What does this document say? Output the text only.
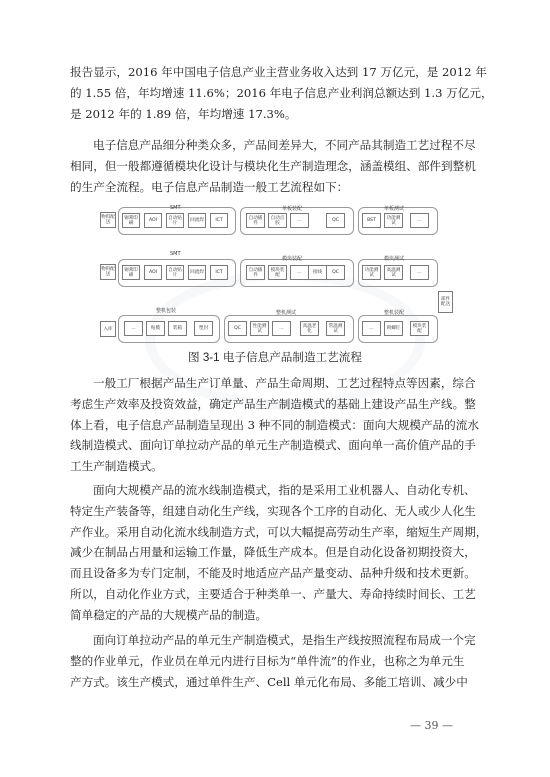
报告显示，2016 年中国电子信息产业主营业务收入达到 17 万亿元，是 2012 年
的 1.55 倍，年均增速 11.6%；2016 年电子信息产业利润总额达到 1.3 万亿元，
是 2012 年的 1.89 倍，年均增速 17.3%。
电子信息产品细分种类众多，产品间差异大，不同产品其制造工艺过程不尽
相同，但一般都遵循模块化设计与模块化生产制造理念，涵盖模组、部件到整机
的生产全流程。电子信息产品制造一般工艺流程如下：
物料配送
SMT
锡膏印刷	AOI	自动贴片	回流焊	ICT
单板装配
自动插件
自动点胶	...	QC
单板测试
BST	功能测试	...
物料配送
SMT
锡膏印刷	AOI	自动贴片	回流焊	ICT
模块装配
自动插件
模块装配	...	接线	QC
模块测试
功能测试
高温测试	...
部件配送
入库
整机包装
...	贴膜	装箱	塑封
整机测试
QC	性能测试	...	高温老化
常温测试
整机装配
...	锁螺钉	模块装配
图 3-1 电子信息产品制造工艺流程
一般工厂根据产品生产订单量、产品生命周期、工艺过程特点等因素，综合
考虑生产效率及投资效益，确定产品生产制造模式的基础上建设产品生产线。整
体上看，电子信息产品制造呈现出 3 种不同的制造模式：面向大规模产品的流水
线制造模式、面向订单拉动产品的单元生产制造模式、面向单一高价值产品的手
工生产制造模式。
面向大规模产品的流水线制造模式，指的是采用工业机器人、自动化专机、
特定生产装备等，组建自动化生产线，实现各个工序的自动化、无人或少人化生
产作业。采用自动化流水线制造方式，可以大幅提高劳动生产率，缩短生产周期，
减少在制品占用量和运输工作量，降低生产成本。但是自动化设备初期投资大，
而且设备多为专门定制，不能及时地适应产品产量变动、品种升级和技术更新。
所以，自动化作业方式，主要适合于种类单一、产量大、寿命持续时间长、工艺
简单稳定的产品的大规模产品的制造。
面向订单拉动产品的单元生产制造模式，是指生产线按照流程布局成一个完
整的作业单元，作业员在单元内进行目标为“单件流”的作业，也称之为单元生
产方式。该生产模式，通过单件生产、Cell 单元化布局、多能工培训、减少中
— 39 —
